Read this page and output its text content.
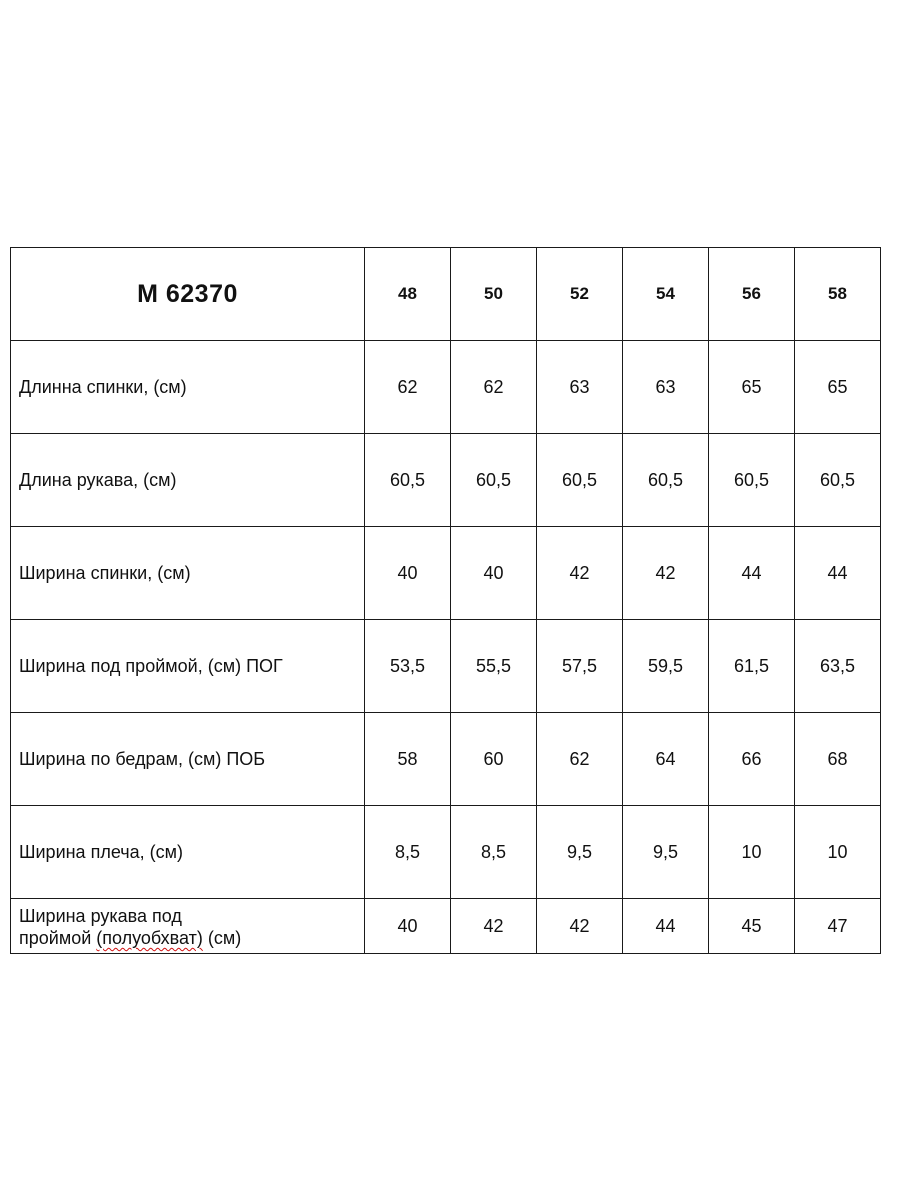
М 62370	48	50	52	54	56	58
Длинна спинки, (см)	62	62	63	63	65	65
Длина рукава, (см)	60,5	60,5	60,5	60,5	60,5	60,5
Ширина спинки, (см)	40	40	42	42	44	44
Ширина под проймой, (см) ПОГ	53,5	55,5	57,5	59,5	61,5	63,5
Ширина по бедрам, (см) ПОБ	58	60	62	64	66	68
Ширина плеча, (см)	8,5	8,5	9,5	9,5	10	10
Ширина рукава под
проймой (полуобхват) (см)	40	42	42	44	45	47
